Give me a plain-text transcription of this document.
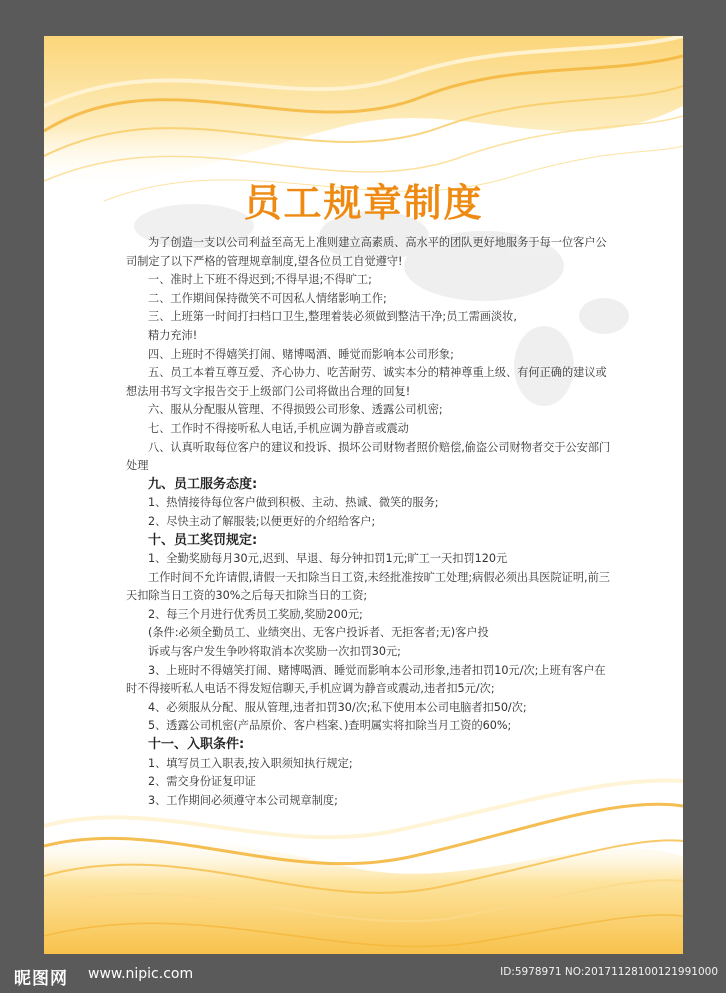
员工规章制度
为了创造一支以公司利益至高无上准则建立高素质、高水平的团队更好地服务于每一位客户公
司制定了以下严格的管理规章制度,望各位员工自觉遵守!
一、准时上下班不得迟到;不得早退;不得旷工;
二、工作期间保持微笑不可因私人情绪影响工作;
三、上班第一时间打扫档口卫生,整理着装必须做到整洁干净;员工需画淡妆,
精力充沛!
四、上班时不得嬉笑打闹、赌博喝酒、睡觉而影响本公司形象;
五、员工本着互尊互爱、齐心协力、吃苦耐劳、诚实本分的精神尊重上级、有何正确的建议或
想法用书写文字报告交于上级部门公司将做出合理的回复!
六、服从分配服从管理、不得损毁公司形象、透露公司机密;
七、工作时不得接听私人电话,手机应调为静音或震动
八、认真听取每位客户的建议和投诉、损坏公司财物者照价赔偿,偷盗公司财物者交于公安部门
处理
九、员工服务态度:
1、热情接待每位客户做到积极、主动、热诚、微笑的服务;
2、尽快主动了解服装;以便更好的介绍给客户;
十、员工奖罚规定:
1、全勤奖励每月30元,迟到、早退、每分钟扣罚1元;旷工一天扣罚120元
工作时间不允许请假,请假一天扣除当日工资,未经批准按旷工处理;病假必须出具医院证明,前三
天扣除当日工资的30%之后每天扣除当日的工资;
2、每三个月进行优秀员工奖励,奖励200元;
(条件:必须全勤员工、业绩突出、无客户投诉者、无拒客者;无)客户投
诉或与客户发生争吵将取消本次奖励一次扣罚30元;
3、上班时不得嬉笑打闹、赌博喝酒、睡觉而影响本公司形象,违者扣罚10元/次;上班有客户在
时不得接听私人电话不得发短信聊天,手机应调为静音或震动,违者扣5元/次;
4、必须服从分配、服从管理,违者扣罚30/次;私下使用本公司电脑者扣50/次;
5、透露公司机密(产品原价、客户档案、)查明属实将扣除当月工资的60%;
十一、入职条件:
1、填写员工入职表,按入职须知执行规定;
2、需交身份证复印证
3、工作期间必须遵守本公司规章制度;
昵图网 www.nipic.com	ID:5978971 NO:20171128100121991000
